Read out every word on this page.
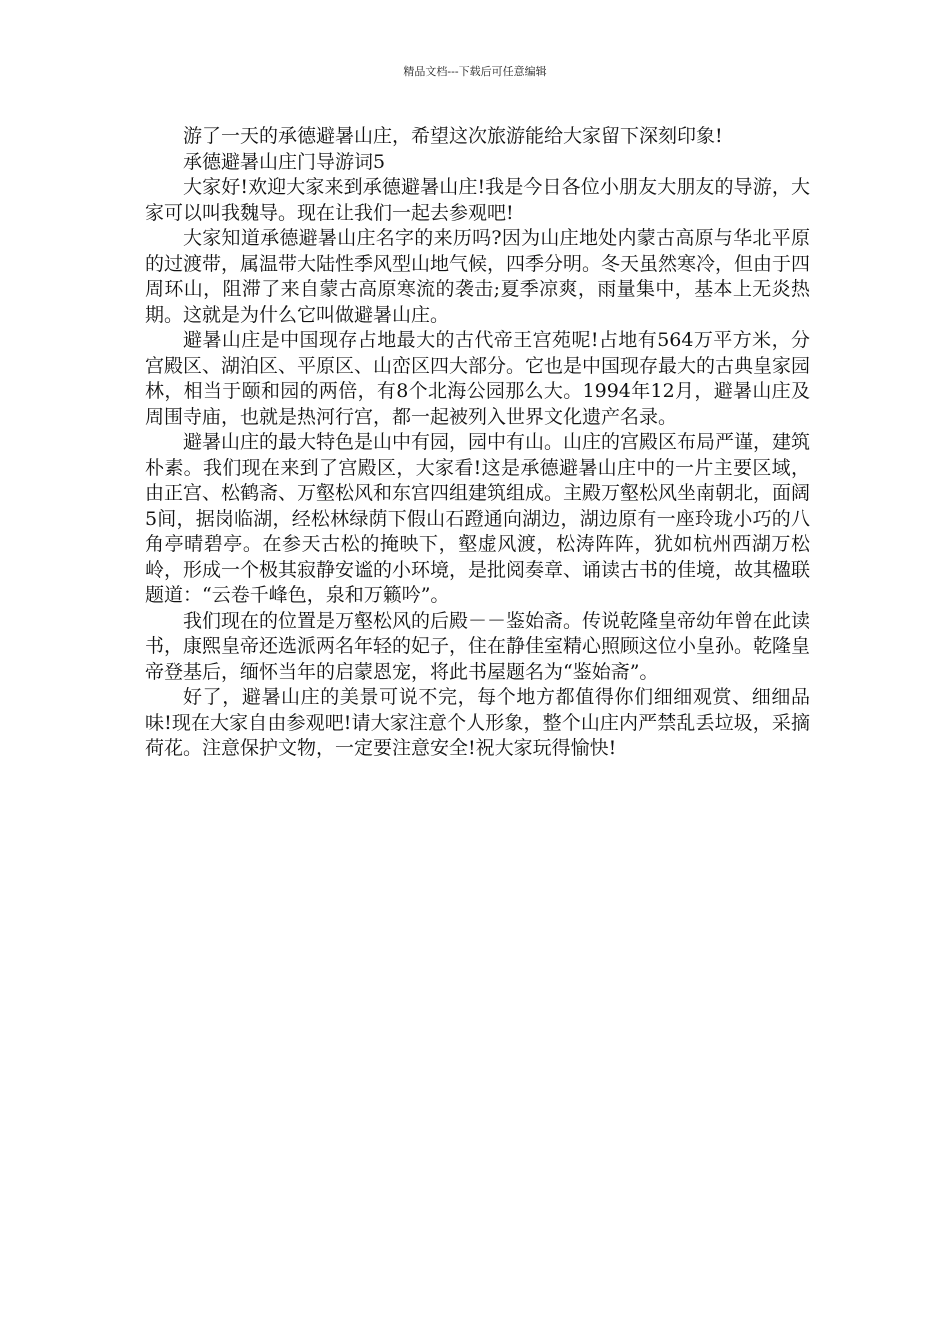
精品文档---下载后可任意编辑

游了一天的承德避暑山庄，希望这次旅游能给大家留下深刻印象!

承德避暑山庄门导游词5

大家好!欢迎大家来到承德避暑山庄!我是今日各位小朋友大朋友的导游，大家可以叫我魏导。现在让我们一起去参观吧!

大家知道承德避暑山庄名字的来历吗?因为山庄地处内蒙古高原与华北平原的过渡带，属温带大陆性季风型山地气候，四季分明。冬天虽然寒冷，但由于四周环山，阻滞了来自蒙古高原寒流的袭击;夏季凉爽，雨量集中，基本上无炎热期。这就是为什么它叫做避暑山庄。

避暑山庄是中国现存占地最大的古代帝王宫苑呢!占地有564万平方米，分宫殿区、湖泊区、平原区、山峦区四大部分。它也是中国现存最大的古典皇家园林，相当于颐和园的两倍，有8个北海公园那么大。1994年12月，避暑山庄及周围寺庙，也就是热河行宫，都一起被列入世界文化遗产名录。

避暑山庄的最大特色是山中有园，园中有山。山庄的宫殿区布局严谨，建筑朴素。我们现在来到了宫殿区，大家看!这是承德避暑山庄中的一片主要区域，由正宫、松鹤斋、万壑松风和东宫四组建筑组成。主殿万壑松风坐南朝北，面阔5间，据岗临湖，经松林绿荫下假山石蹬通向湖边，湖边原有一座玲珑小巧的八角亭晴碧亭。在参天古松的掩映下，壑虚风渡，松涛阵阵，犹如杭州西湖万松岭，形成一个极其寂静安谧的小环境，是批阅奏章、诵读古书的佳境，故其楹联题道：“云卷千峰色，泉和万籁吟”。

我们现在的位置是万壑松风的后殿－－鉴始斋。传说乾隆皇帝幼年曾在此读书，康熙皇帝还选派两名年轻的妃子，住在静佳室精心照顾这位小皇孙。乾隆皇帝登基后，缅怀当年的启蒙恩宠，将此书屋题名为“鉴始斋”。

好了，避暑山庄的美景可说不完，每个地方都值得你们细细观赏、细细品味!现在大家自由参观吧!请大家注意个人形象，整个山庄内严禁乱丢垃圾，采摘荷花。注意保护文物，一定要注意安全!祝大家玩得愉快!
